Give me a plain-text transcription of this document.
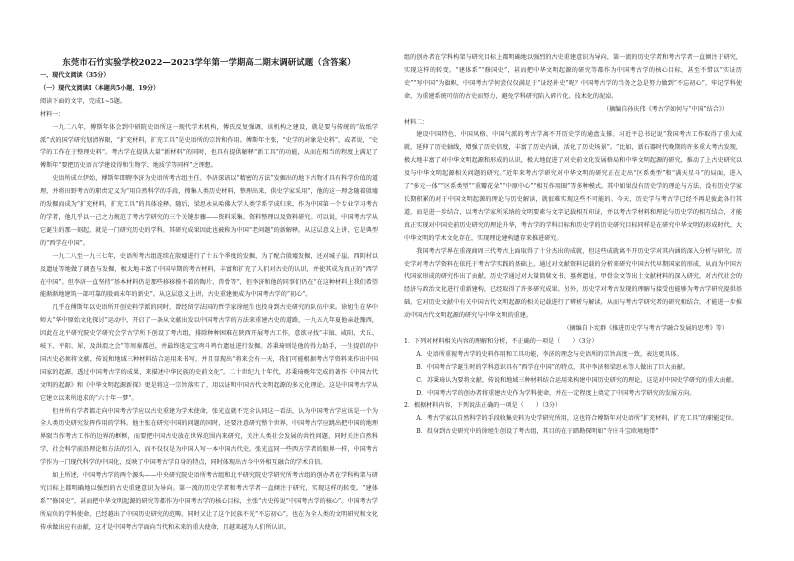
东莞市石竹实验学校2022—2023学年第一学期高二期末调研试题（含答案）

一、现代文阅读（35分）

（一）现代文阅读Ⅰ（本题共5小题，19分）

阅读下面的文字，完成1~5题。

材料一：

一九二八年，傅斯年体会到中研院史语所这一现代学术机构，傅氏反复强调，该机构之建设，就是要与传统的“故纸学派”式的国学研究划清界限，“扩充材料，扩充工具”是史语所的宗旨和作用。傅斯年主张，“史学的对象是史料”，或者说，“史学的工作在于整理史料”。考古学在提供大量“新材料”的同时，也具有提供解释“新工具”的功能，从而在相当的程度上满足了傅斯年“要把历史语言学建设得和生物学、地质学等同样”之理想。

史语所成立伊始，傅斯年即聘李济为史语所考古组主任。李济深谙以“精密的方法”发掘出的地下古物才具有科学价值的道理，并将田野考古的职责定义为“用自然科学的手段，搜集人类历史材料，整理出来，供史学家采用”，他的这一理念随着殷墟的发掘而成为“扩充材料，扩充工具”的具体诠释。随后，梁思永从哈佛大学人类学系学成归来，作为中国第一个专业学习考古的学者，他几乎以一己之力规范了考古学研究的三个关键步骤——资料采集、资料整理以及资料研究。可以说，中国考古学从它诞生的那一刻起，就是一门研究历史的学科，其研究成果因此也被称为中国“老问题”的新解释。从这层意义上讲，它是典型的“西学在中国”。

一九二八至一九三七年，史语所考古组连续在殷墟进行了十五个季度的发掘，为了配合殷墟发掘，还对城子崖、西阴村以及遗址等地做了调查与发掘，极大地丰富了中国早期的考古材料，丰富和扩充了人们对古史的认识，并使其成为真正的“西学在中国”。但李济一直坚持“基本材料仍是那些移移摸不着的陶片、兽骨等”，但李济和他的同事们仍在“在这种材料上我们希望能渐渐地建筑一部可靠的殷商末年的新史”。从这层意义上讲，古史重建便成为中国考古学的“初心”。

几乎在傅斯年以史语所开创史料学派的同时，曾经留学法国的哲学家徐旭生也投身到古史研究的队伍中来。徐旭生在华中师大“华中原始文化探讨”运动中，开启了一条从文献出发以中国考古学的方法来重建古史的道路，一九五九年夏他亲赴豫西，因此在北平研究院史学研究会学古学所下创设了考古组，排除种种困难在陕西开展考古工作，意欲寻找“丰镐、咸阳、犬丘、岐下、平阳、犀，及洪渭之会”等周秦都邑，并最终选定宝鸡斗鸡台遗址进行发掘。苏秉琦则是他的得力助手，一生提倡的中国古史必须将文献、传说和地域三种材料结合运用来书写，并且显现出“将来会有一天，我们可能根据考古学资料来作出中国国家的起源，透过中国考古学的成果，来描述中华民族的史前文化”。二十世纪九十年代，苏秉琦晚年完成的著作《中国古代文明的起源》和《中华文明起源新探》更是将这一宗旨落实了，用以证明中国古代文明起源的多元化理论。这是中国考古学从它建立以来所追求的“六十年一梦”。

但并所有学者都走向中国考古学应以古史重建为学术使命，张光直就不完全认同这一看法，认为中国考古学应该是一个为全人类历史研究发挥作用的学科。他主张在研究中国的问题的同时，还要注意研究整个世界，中国考古学应跳出把中国的地理界限当作考古工作的边界的框框，而要把中国古史放在世界范围内来研究，关注人类社会发展的共性问题，同时关注自然科学、社会科学前沿理论和方法的引入，而不仅仅是为中国人写一本中国古代史。张光直同一些西方学者的眼界一样，中国考古学作为一门现代科学的中国化，反映了中国考古学自身的特点，同时体现出古今中外相互融合的学术自信。

如上所述，中国考古学的两个源头——中央研究院史语所考古组和北平研究院史学研究所考古组的创办者在学科构架与研究目标上都明确地以强烈的古史重建意识为导向。第一流的历史学者和考古学者一直倾注于研究，实现这样的转变。“建体系”“修国史”，甚而把中华文明起源的研究等都作为中国考古学的核心目标，主张“古史传说”中国考古学的核心”。中国考古学所肩负的学科使命，已经越出了中国历史研究的范畴。同时又让了这个民族不光“不忘初心”，也在为全人类的文明研究和文化传承做出应有贡献，这才是中国考古学面向当代和未来的重大使命，且越来越为人们所认识。

组的创办者在学科构架与研究目标上都明确地以强烈的古史重建意识为导向，第一流的历史学者和考古学者一直倾注于研究，实现这样的转变。“建体系”“修国史”，甚而把中华文明起源的研究等都作为中国考古学的核心目标，甚至不惜以“实证历史”“写中国”为旗帜，中国考古学何尝仅仅满足于“证经补史”呢？中国考古学的当务之急是努力做到“不忘初心”，牢记学科使命，为重建系统可信的古史而努力，避免学科研究陷入碎片化、技术化的泥淖。

（摘编自孙庆伟《考古学如何与“中国”结合》）

材料二：

建设中国特色、中国风格、中国气派的考古学离不开历史学的通盘支撑。习近平总书记说“我国考古工作取得了重大成就，延伸了历史轴线，增强了历史信度，丰富了历史内涵，活化了历史场景”。“比如，新石器时代晚期的许多重大考古发现，极大地丰富了对中华文明起源和形成的认识，极大地促进了对史前文化发展格局和中华文明起源的研究，推动了上古史研究以及与中华文明起源相关问题的研究。”近年来考古学研究对中华文明的研究正在走出“区系类型”和“满天星斗”的局面，进入了“多元一体”“区系类型”“重瓣花朵”“中原中心”“相互作用圈”等多种模式。其中如果没有历史学的理论与方法，没有历史学家长期积累的对于中国文明起源的理论与历史解读，就很难实现这些不可能的。今天，历史学与考古学已经不再是彼此各行其道，而是进一步结合，以考古学家所采纳的文明要素与文字记载相互印证，并以考古学材料和理论与历史学的相互结合，才能真正实现对中国史前历史研究的理论升华，考古学的学科目标和历史学的历史研究目标同样是在研究中华文明的形成时代、大中华文明的学术文化存在，实现理论建构遗存来推进研究。

我国考古学界在重视商周三代考古上面取得了十分杰出的成就，但这些成就离不开历史学对其内涵的深入分析与研究。历史学对考古学资料在依托于考古学实践的基础上，通过对文献资料记载的分析来研究中国古代早期国家的形成，从而为中国古代国家形成的研究作出了贡献。历史学通过对大量简牍文书、墓葬遗址、甲骨金文等出土文献材料的深入研究，对古代社会的经济与政治文化进行重新建构，已经取得了许多研究成果。另外，历史学对考古发现的理解与接受也能够为考古学研究提供基础，它对历史文献中有关中国古代文明起源的相关记载进行了辨析与解读，从而与考古学研究者的研究相结合，才能进一步推动中国古代文明起源的研究与中华文明的重建。

（摘编自卜宪群《推进历史学与考古学融合发展的思考》等）

1．下列对材料相关内容的理解和分析，不正确的一项是（　　）（3分）

A．史语所重视考古学的史料作用和工具功能，李济的理念与史语所的宗旨高度一致，表达更具体。

B．中国考古学诞生时的学科意识具有“西学在中国”的特点，其中李济和梁思永等人做出了巨大贡献。

C．苏秉琦认为要将文献、传说和地域三种材料结合运用来构建中国历史研究的理论，这是对中国史学研究的重大贡献。

D．中国考古学的创办者将重建古史作为学科使命，并在一定程度上奠定了中国考古学研究的发展方向。

2．根据材料内容，下列说法正确的一项是（　　）（3分）

A．考古学家以自然科学的手段收集史料为史学研究所用，这也符合傅斯年对史语所“扩充材料，扩充工具”的职能定位。

B．投身到古史研究中的徐旭生创设了考古组，其目的在于踏勘探明如“寺庄斗宝欧境地带”
